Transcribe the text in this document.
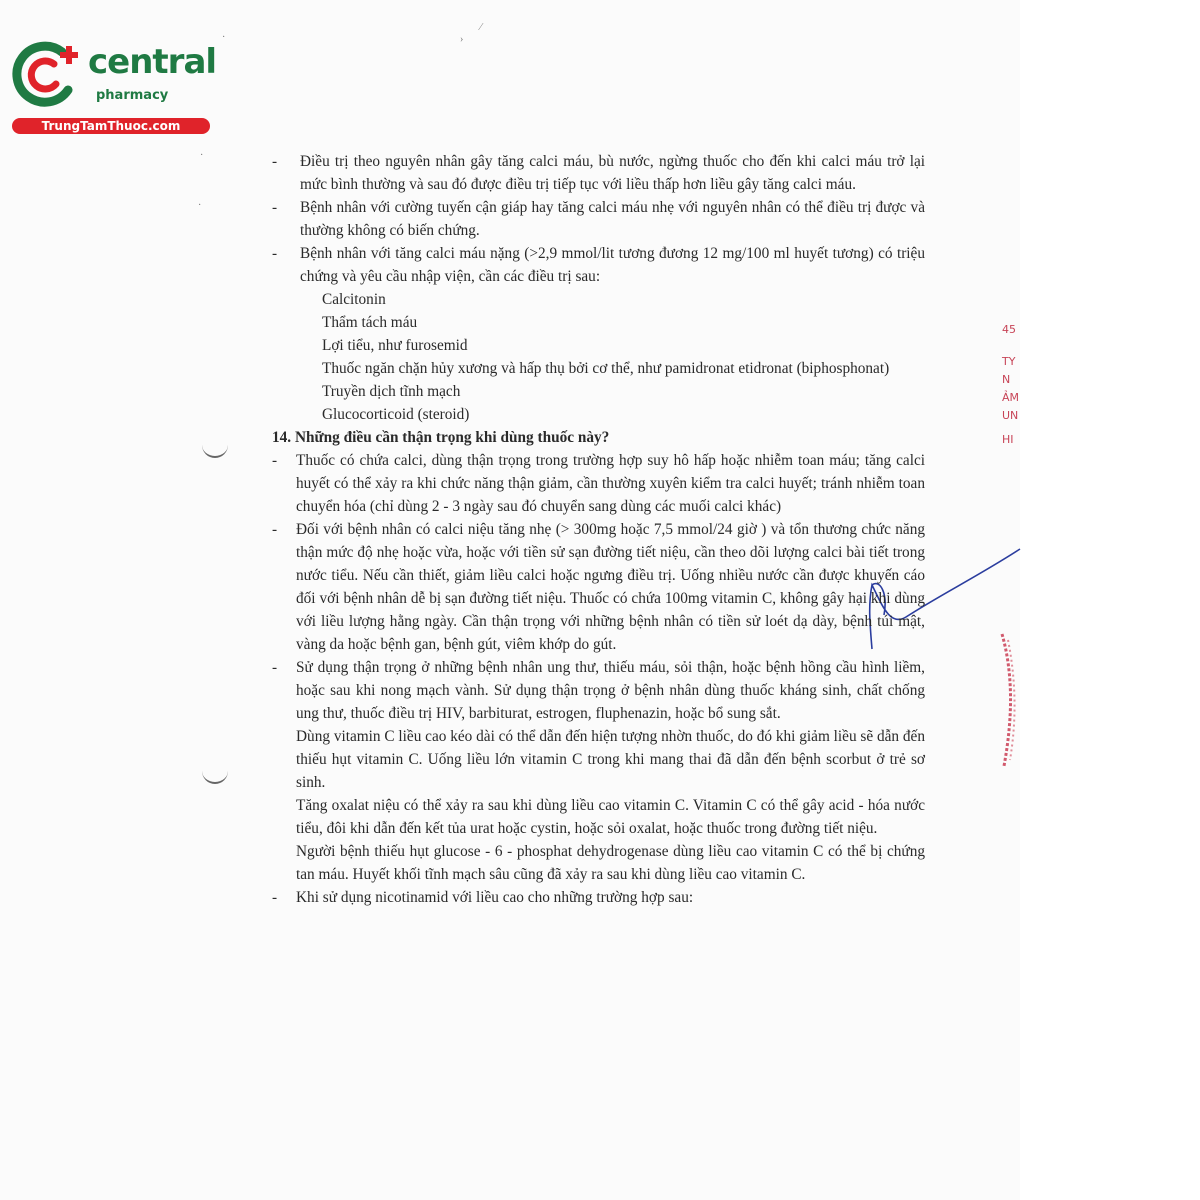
central
pharmacy
TrungTamThuoc.com
·	›
⁄
·
·
45
TY
N
ẢM
UN
HI
- Điều trị theo nguyên nhân gây tăng calci máu, bù nước, ngừng thuốc cho đến khi calci máu trở lại mức bình thường và sau đó được điều trị tiếp tục với liều thấp hơn liều gây tăng calci máu.
- Bệnh nhân với cường tuyến cận giáp hay tăng calci máu nhẹ với nguyên nhân có thể điều trị được và thường không có biến chứng.
- Bệnh nhân với tăng calci máu nặng (>2,9 mmol/lit tương đương 12 mg/100 ml huyết tương) có triệu chứng và yêu cầu nhập viện, cần các điều trị sau:
Calcitonin
Thẩm tách máu
Lợi tiểu, như furosemid
Thuốc ngăn chặn hủy xương và hấp thụ bởi cơ thể, như pamidronat etidronat (biphosphonat)
Truyền dịch tĩnh mạch
Glucocorticoid (steroid)
14. Những điều cần thận trọng khi dùng thuốc này?
- Thuốc có chứa calci, dùng thận trọng trong trường hợp suy hô hấp hoặc nhiễm toan máu; tăng calci huyết có thể xảy ra khi chức năng thận giảm, cần thường xuyên kiểm tra calci huyết; tránh nhiễm toan chuyển hóa (chỉ dùng 2 - 3 ngày sau đó chuyển sang dùng các muối calci khác)
- Đối với bệnh nhân có calci niệu tăng nhẹ (> 300mg hoặc 7,5 mmol/24 giờ ) và tổn thương chức năng thận mức độ nhẹ hoặc vừa, hoặc với tiền sử sạn đường tiết niệu, cần theo dõi lượng calci bài tiết trong nước tiểu. Nếu cần thiết, giảm liều calci hoặc ngưng điều trị. Uống nhiều nước cần được khuyến cáo đối với bệnh nhân dễ bị sạn đường tiết niệu. Thuốc có chứa 100mg vitamin C, không gây hại khi dùng với liều lượng hằng ngày. Cần thận trọng với những bệnh nhân có tiền sử loét dạ dày, bệnh túi mật, vàng da hoặc bệnh gan, bệnh gút, viêm khớp do gút.
- Sử dụng thận trọng ở những bệnh nhân ung thư, thiếu máu, sỏi thận, hoặc bệnh hồng cầu hình liềm, hoặc sau khi nong mạch vành. Sử dụng thận trọng ở bệnh nhân dùng thuốc kháng sinh, chất chống ung thư, thuốc điều trị HIV, barbiturat, estrogen, fluphenazin, hoặc bổ sung sắt.
Dùng vitamin C liều cao kéo dài có thể dẫn đến hiện tượng nhờn thuốc, do đó khi giảm liều sẽ dẫn đến thiếu hụt vitamin C. Uống liều lớn vitamin C trong khi mang thai đã dẫn đến bệnh scorbut ở trẻ sơ sinh.
Tăng oxalat niệu có thể xảy ra sau khi dùng liều cao vitamin C. Vitamin C có thể gây acid - hóa nước tiểu, đôi khi dẫn đến kết tủa urat hoặc cystin, hoặc sỏi oxalat, hoặc thuốc trong đường tiết niệu.
Người bệnh thiếu hụt glucose - 6 - phosphat dehydrogenase dùng liều cao vitamin C có thể bị chứng tan máu. Huyết khối tĩnh mạch sâu cũng đã xảy ra sau khi dùng liều cao vitamin C.
- Khi sử dụng nicotinamid với liều cao cho những trường hợp sau:
